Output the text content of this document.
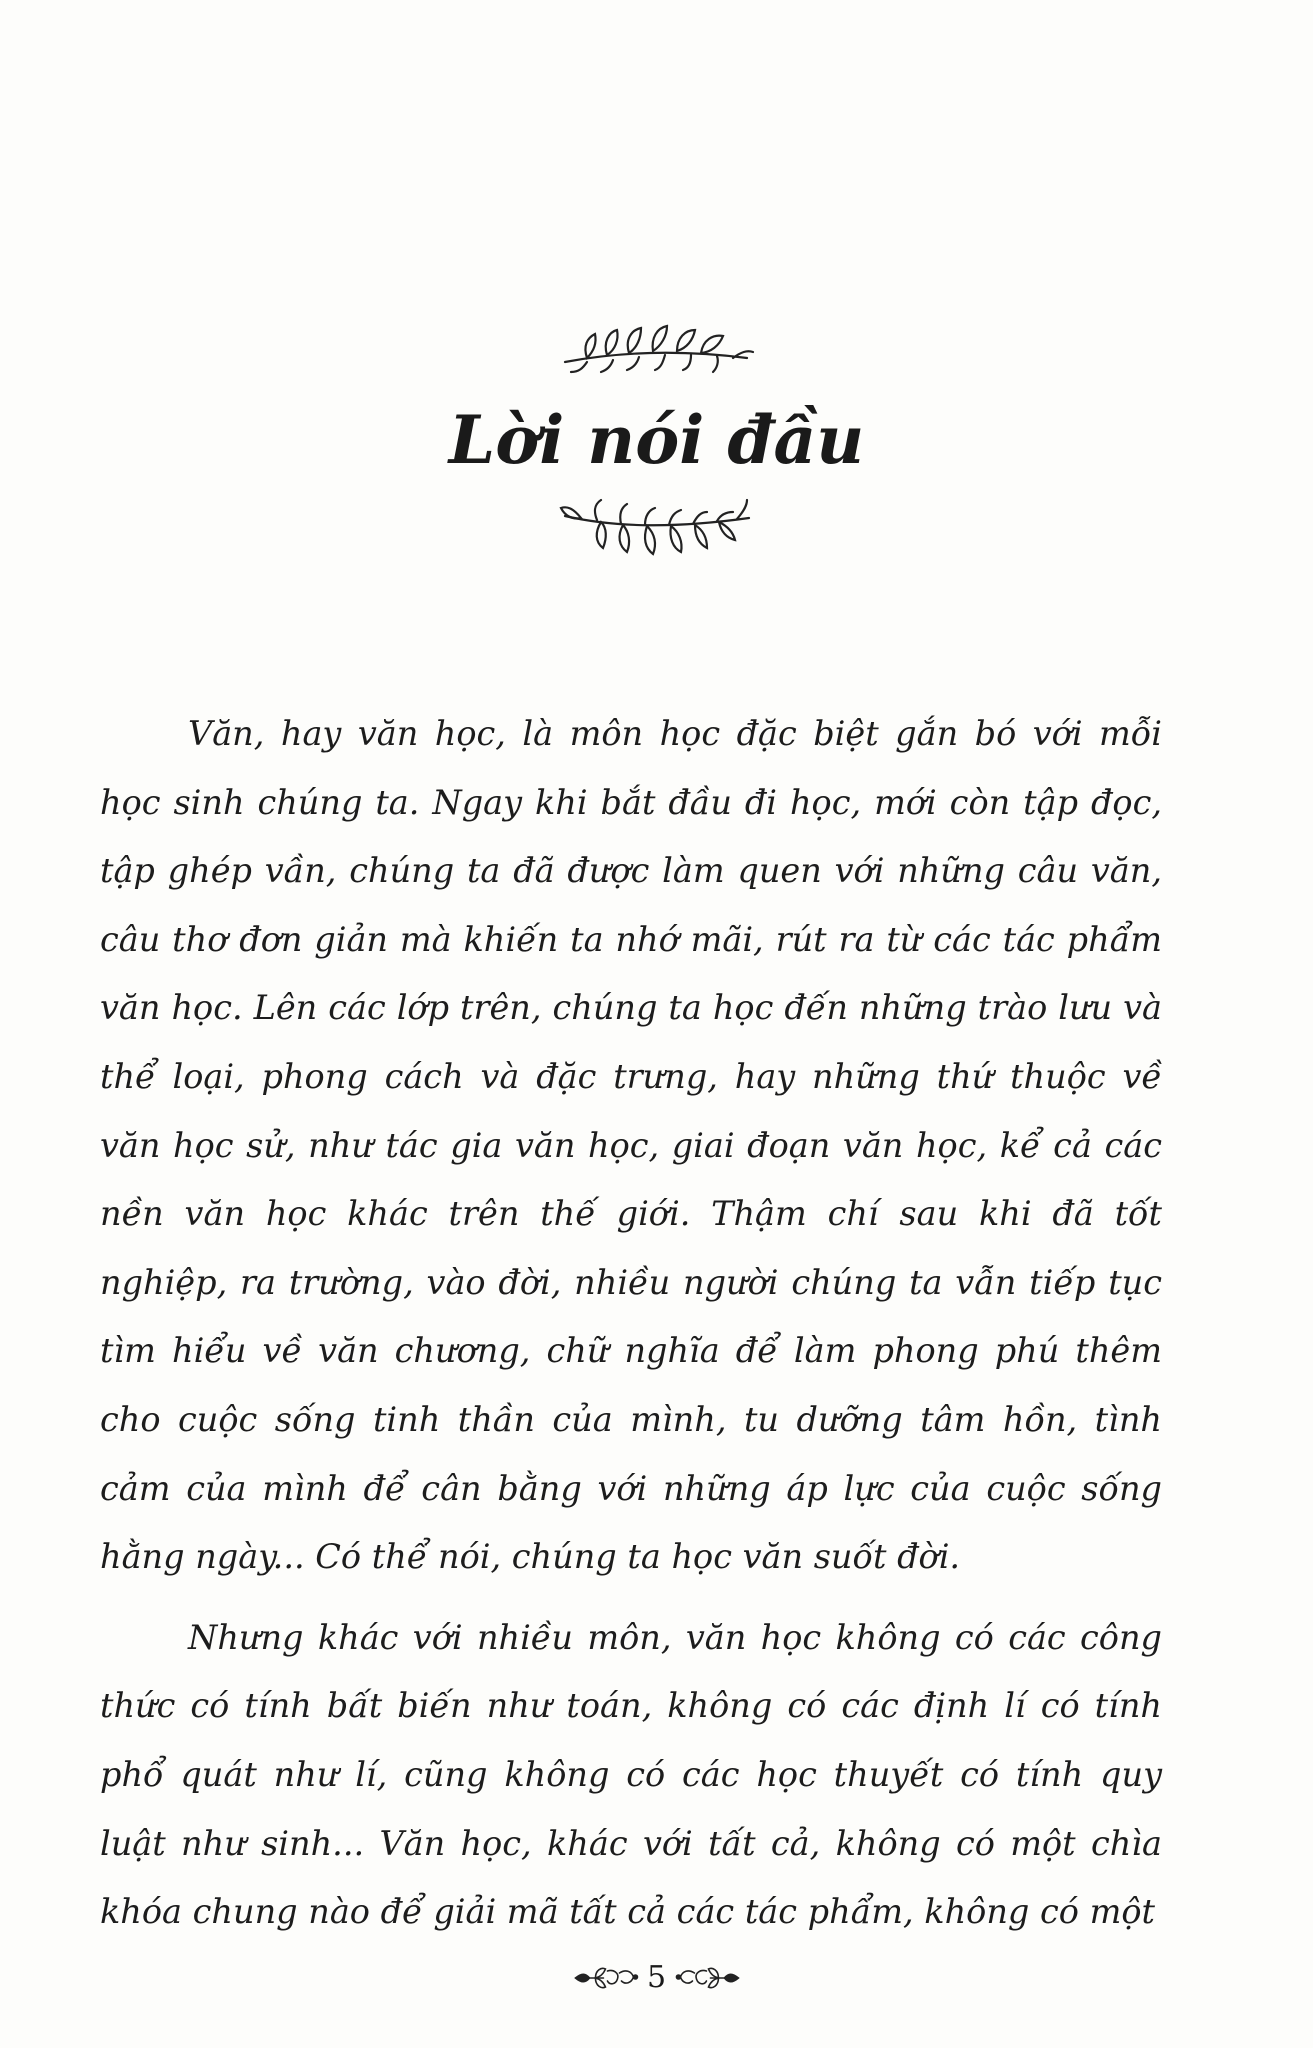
Lời nói đầu

Văn, hay văn học, là môn học đặc biệt gắn bó với mỗi học sinh chúng ta. Ngay khi bắt đầu đi học, mới còn tập đọc, tập ghép vần, chúng ta đã được làm quen với những câu văn, câu thơ đơn giản mà khiến ta nhớ mãi, rút ra từ các tác phẩm văn học. Lên các lớp trên, chúng ta học đến những trào lưu và thể loại, phong cách và đặc trưng, hay những thứ thuộc về văn học sử, như tác gia văn học, giai đoạn văn học, kể cả các nền văn học khác trên thế giới. Thậm chí sau khi đã tốt nghiệp, ra trường, vào đời, nhiều người chúng ta vẫn tiếp tục tìm hiểu về văn chương, chữ nghĩa để làm phong phú thêm cho cuộc sống tinh thần của mình, tu dưỡng tâm hồn, tình cảm của mình để cân bằng với những áp lực của cuộc sống hằng ngày... Có thể nói, chúng ta học văn suốt đời.

Nhưng khác với nhiều môn, văn học không có các công thức có tính bất biến như toán, không có các định lí có tính phổ quát như lí, cũng không có các học thuyết có tính quy luật như sinh... Văn học, khác với tất cả, không có một chìa khóa chung nào để giải mã tất cả các tác phẩm, không có một

5
